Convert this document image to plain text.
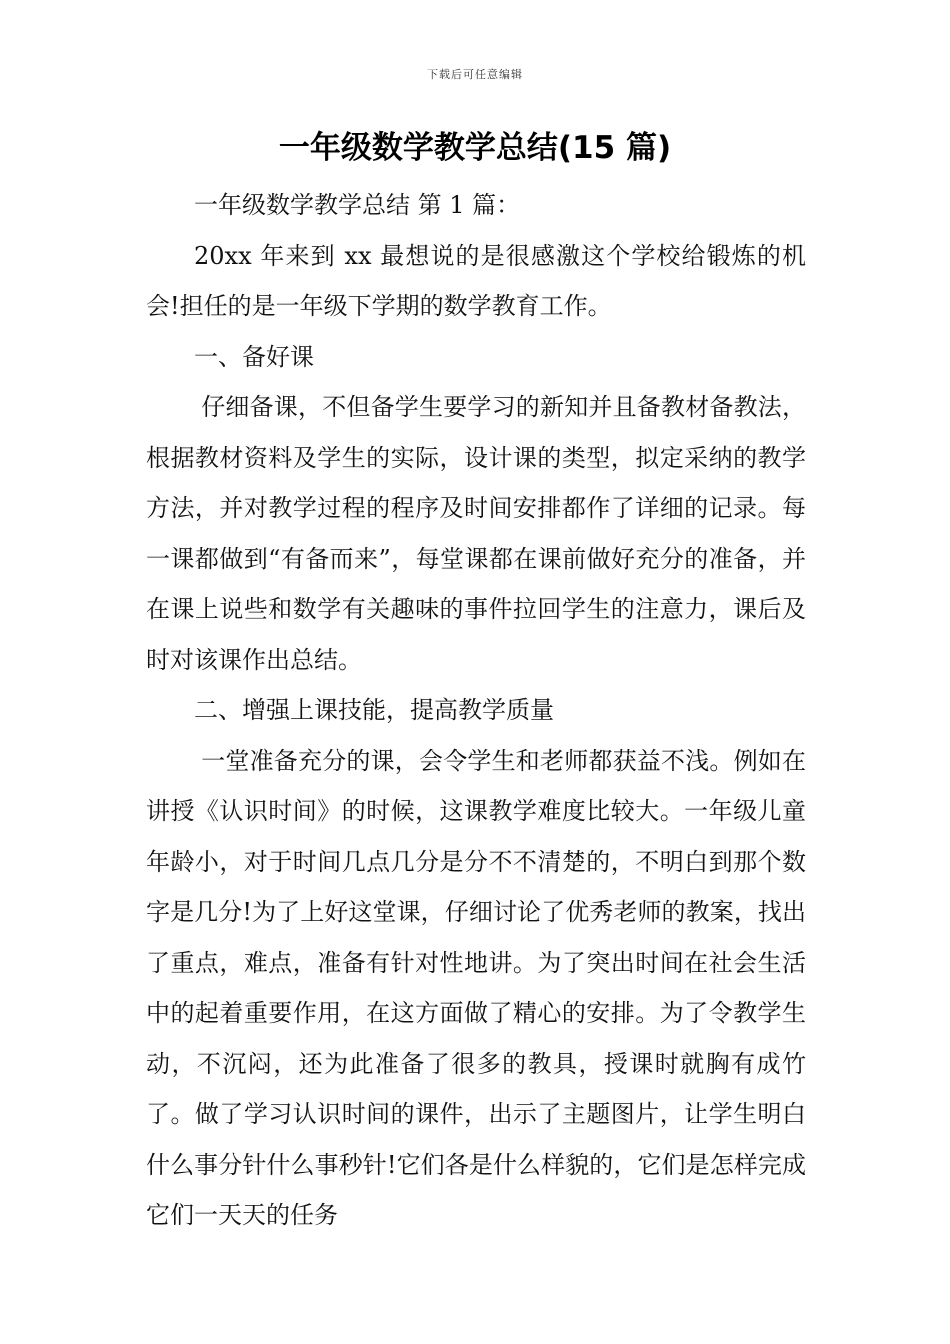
下载后可任意编辑
一年级数学教学总结(15 篇)

一年级数学教学总结 第 1 篇：

20xx 年来到 xx 最想说的是很感激这个学校给锻炼的机会!担任的是一年级下学期的数学教育工作。

一、备好课

仔细备课，不但备学生要学习的新知并且备教材备教法，根据教材资料及学生的实际，设计课的类型，拟定采纳的教学方法，并对教学过程的程序及时间安排都作了详细的记录。每一课都做到“有备而来”，每堂课都在课前做好充分的准备，并在课上说些和数学有关趣味的事件拉回学生的注意力，课后及时对该课作出总结。

二、增强上课技能，提高教学质量

一堂准备充分的课，会令学生和老师都获益不浅。例如在讲授《认识时间》的时候，这课教学难度比较大。一年级儿童年龄小，对于时间几点几分是分不不清楚的，不明白到那个数字是几分!为了上好这堂课，仔细讨论了优秀老师的教案，找出了重点，难点，准备有针对性地讲。为了突出时间在社会生活中的起着重要作用，在这方面做了精心的安排。为了令教学生动，不沉闷，还为此准备了很多的教具，授课时就胸有成竹了。做了学习认识时间的课件，出示了主题图片，让学生明白什么事分针什么事秒针!它们各是什么样貌的，它们是怎样完成它们一天天的任务
